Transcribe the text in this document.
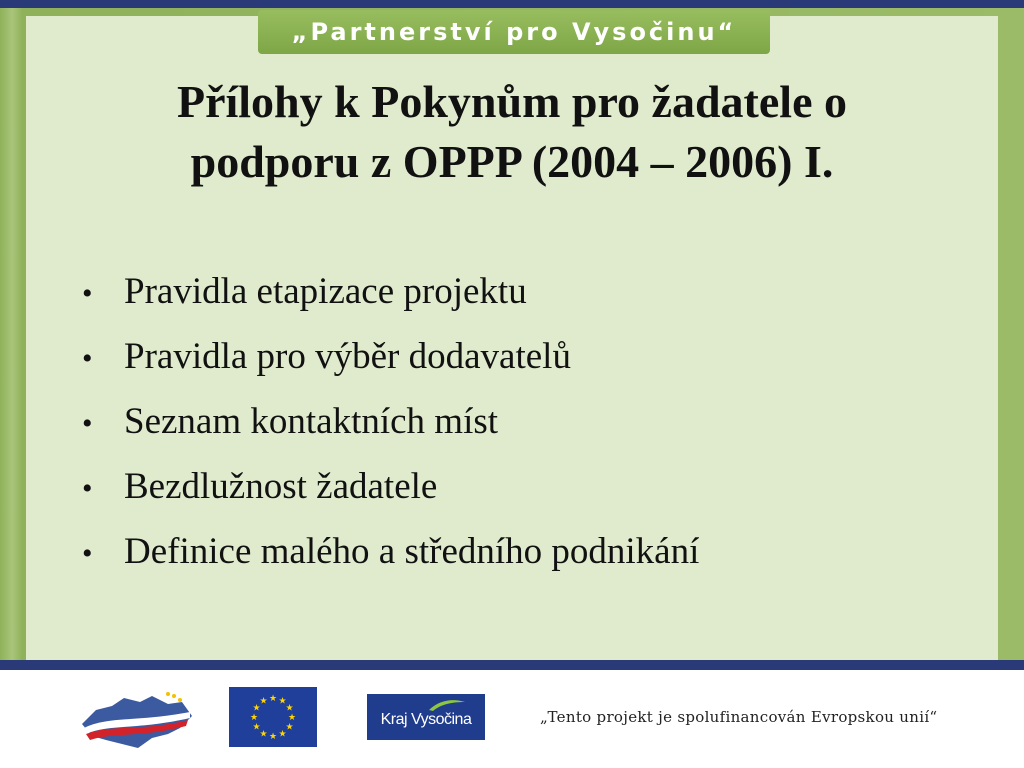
„Partnerství pro Vysočinu“
Přílohy k Pokynům pro žadatele o
podporu z OPPP (2004 – 2006) I.
• Pravidla etapizace projektu
• Pravidla pro výběr dodavatelů
• Seznam kontaktních míst
• Bezdlužnost žadatele
• Definice malého a středního podnikání
★ ★
★
★
★
★
★
★
★
★
★
★
Kraj Vysočina	„Tento projekt je spolufinancován Evropskou unií“
